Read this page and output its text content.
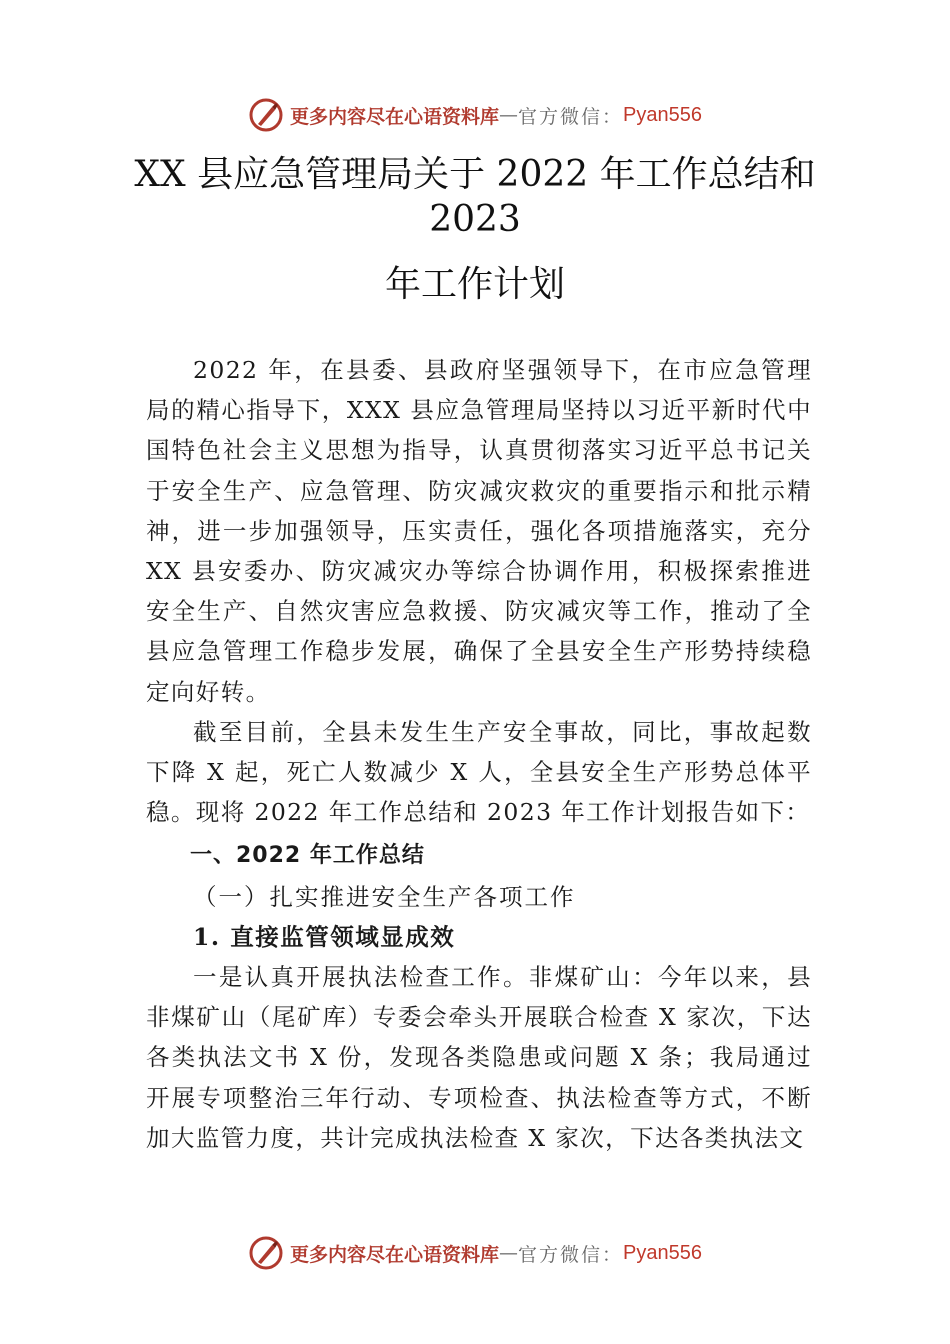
更多内容尽在心语资料库 — 官方微信： Pyan556
XX 县应急管理局关于 2022 年工作总结和
2023
年工作计划

2022 年，在县委、县政府坚强领导下，在市应急管理局的精心指导下，XXX 县应急管理局坚持以习近平新时代中国特色社会主义思想为指导，认真贯彻落实习近平总书记关于安全生产、应急管理、防灾减灾救灾的重要指示和批示精神，进一步加强领导，压实责任，强化各项措施落实，充分 XX 县安委办、防灾减灾办等综合协调作用，积极探索推进安全生产、自然灾害应急救援、防灾减灾等工作，推动了全县应急管理工作稳步发展，确保了全县安全生产形势持续稳定向好转。

截至目前，全县未发生生产安全事故，同比，事故起数下降 X 起，死亡人数减少 X 人，全县安全生产形势总体平稳。现将 2022 年工作总结和 2023 年工作计划报告如下：

一、2022 年工作总结

（一）扎实推进安全生产各项工作

1. 直接监管领域显成效

一是认真开展执法检查工作。非煤矿山：今年以来，县非煤矿山（尾矿库）专委会牵头开展联合检查 X 家次，下达各类执法文书 X 份，发现各类隐患或问题 X 条；我局通过开展专项整治三年行动、专项检查、执法检查等方式，不断加大监管力度，共计完成执法检查 X 家次，下达各类执法文

更多内容尽在心语资料库 — 官方微信： Pyan556
